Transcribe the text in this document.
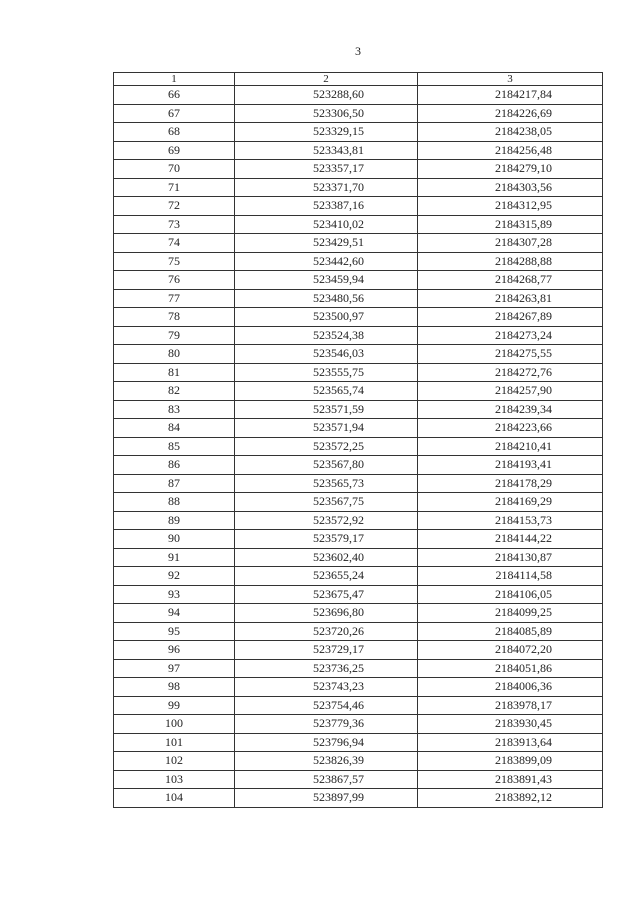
3
1	2	3
66	523288,60	2184217,84
67	523306,50	2184226,69
68	523329,15	2184238,05
69	523343,81	2184256,48
70	523357,17	2184279,10
71	523371,70	2184303,56
72	523387,16	2184312,95
73	523410,02	2184315,89
74	523429,51	2184307,28
75	523442,60	2184288,88
76	523459,94	2184268,77
77	523480,56	2184263,81
78	523500,97	2184267,89
79	523524,38	2184273,24
80	523546,03	2184275,55
81	523555,75	2184272,76
82	523565,74	2184257,90
83	523571,59	2184239,34
84	523571,94	2184223,66
85	523572,25	2184210,41
86	523567,80	2184193,41
87	523565,73	2184178,29
88	523567,75	2184169,29
89	523572,92	2184153,73
90	523579,17	2184144,22
91	523602,40	2184130,87
92	523655,24	2184114,58
93	523675,47	2184106,05
94	523696,80	2184099,25
95	523720,26	2184085,89
96	523729,17	2184072,20
97	523736,25	2184051,86
98	523743,23	2184006,36
99	523754,46	2183978,17
100	523779,36	2183930,45
101	523796,94	2183913,64
102	523826,39	2183899,09
103	523867,57	2183891,43
104	523897,99	2183892,12
